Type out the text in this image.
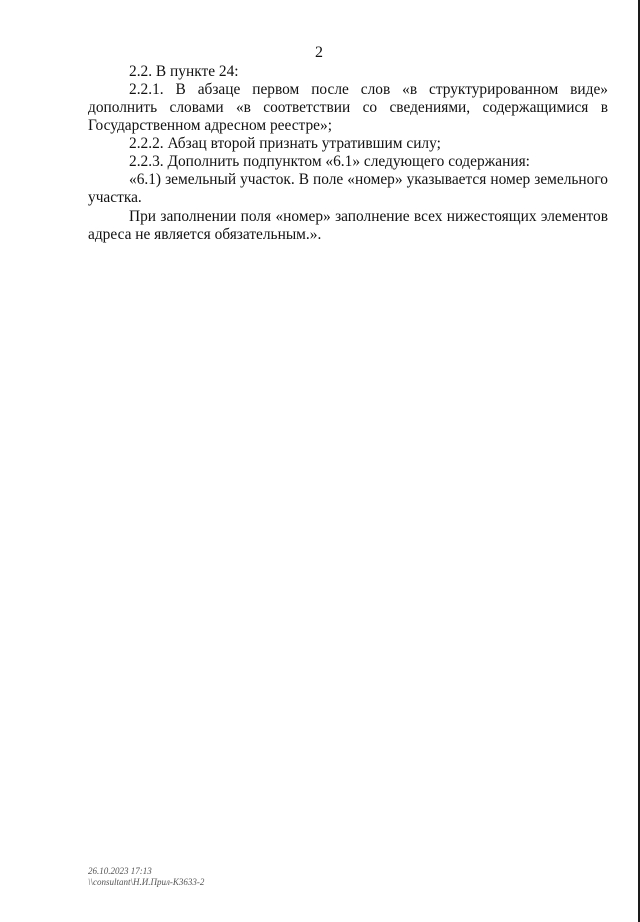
2

2.2. В пункте 24:

2.2.1. В абзаце первом после слов «в структурированном виде» дополнить словами «в соответствии со сведениями, содержащимися в Государственном адресном реестре»;

2.2.2. Абзац второй признать утратившим силу;

2.2.3. Дополнить подпунктом «6.1» следующего содержания:

«6.1) земельный участок. В поле «номер» указывается номер земельного участка.

При заполнении поля «номер» заполнение всех нижестоящих элементов адреса не является обязательным.».

26.10.2023 17:13
\\consultant\Н.И.Прил-К3633-2
